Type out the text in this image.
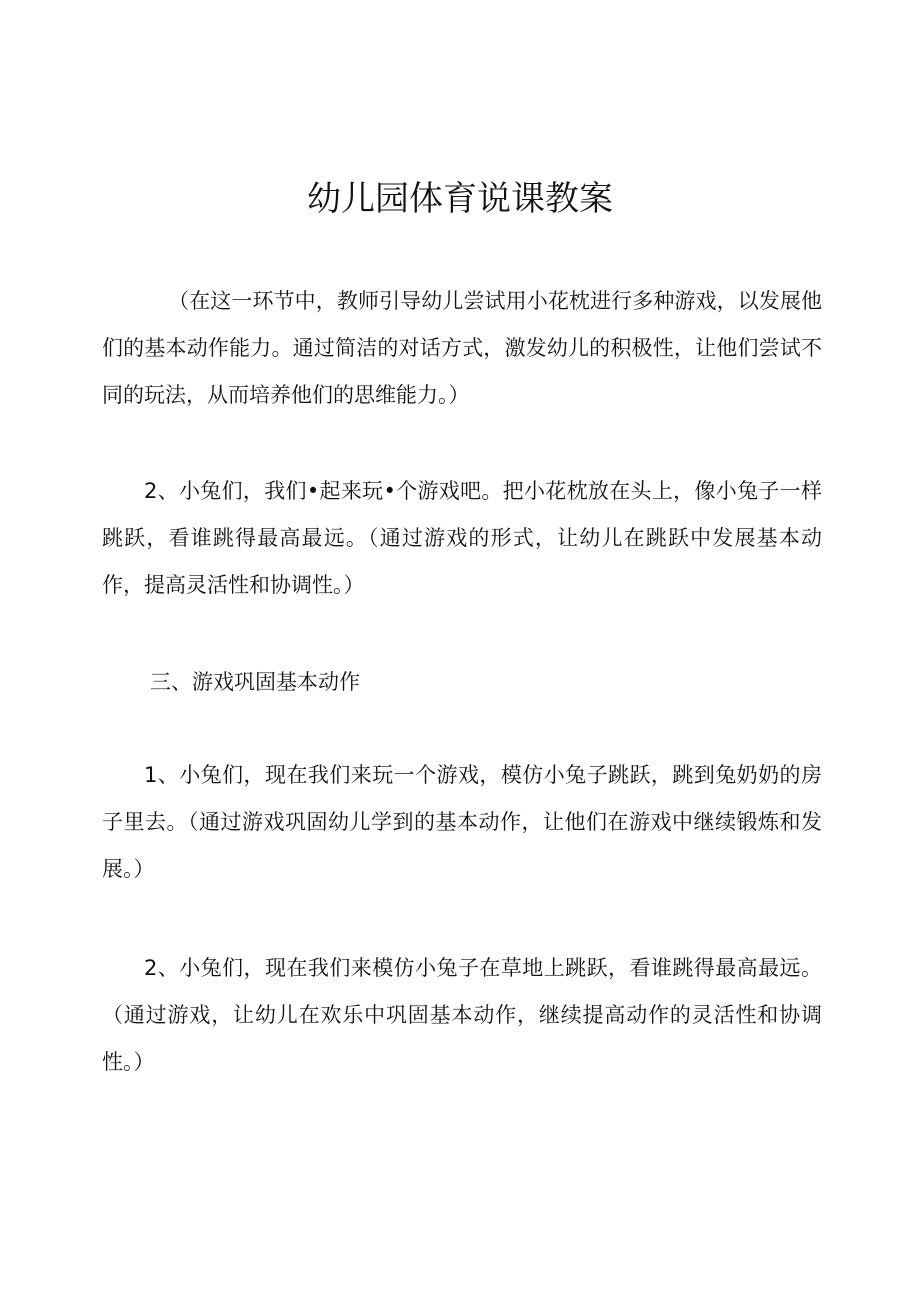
幼儿园体育说课教案

（在这一环节中，教师引导幼儿尝试用小花枕进行多种游戏，以发展他们的基本动作能力。通过简洁的对话方式，激发幼儿的积极性，让他们尝试不同的玩法，从而培养他们的思维能力。）

2、小兔们，我们•起来玩•个游戏吧。把小花枕放在头上，像小兔子一样跳跃，看谁跳得最高最远。（通过游戏的形式，让幼儿在跳跃中发展基本动作，提高灵活性和协调性。）

三、游戏巩固基本动作

1、小兔们，现在我们来玩一个游戏，模仿小兔子跳跃，跳到兔奶奶的房子里去。（通过游戏巩固幼儿学到的基本动作，让他们在游戏中继续锻炼和发展。）

2、小兔们，现在我们来模仿小兔子在草地上跳跃，看谁跳得最高最远。（通过游戏，让幼儿在欢乐中巩固基本动作，继续提高动作的灵活性和协调性。）
